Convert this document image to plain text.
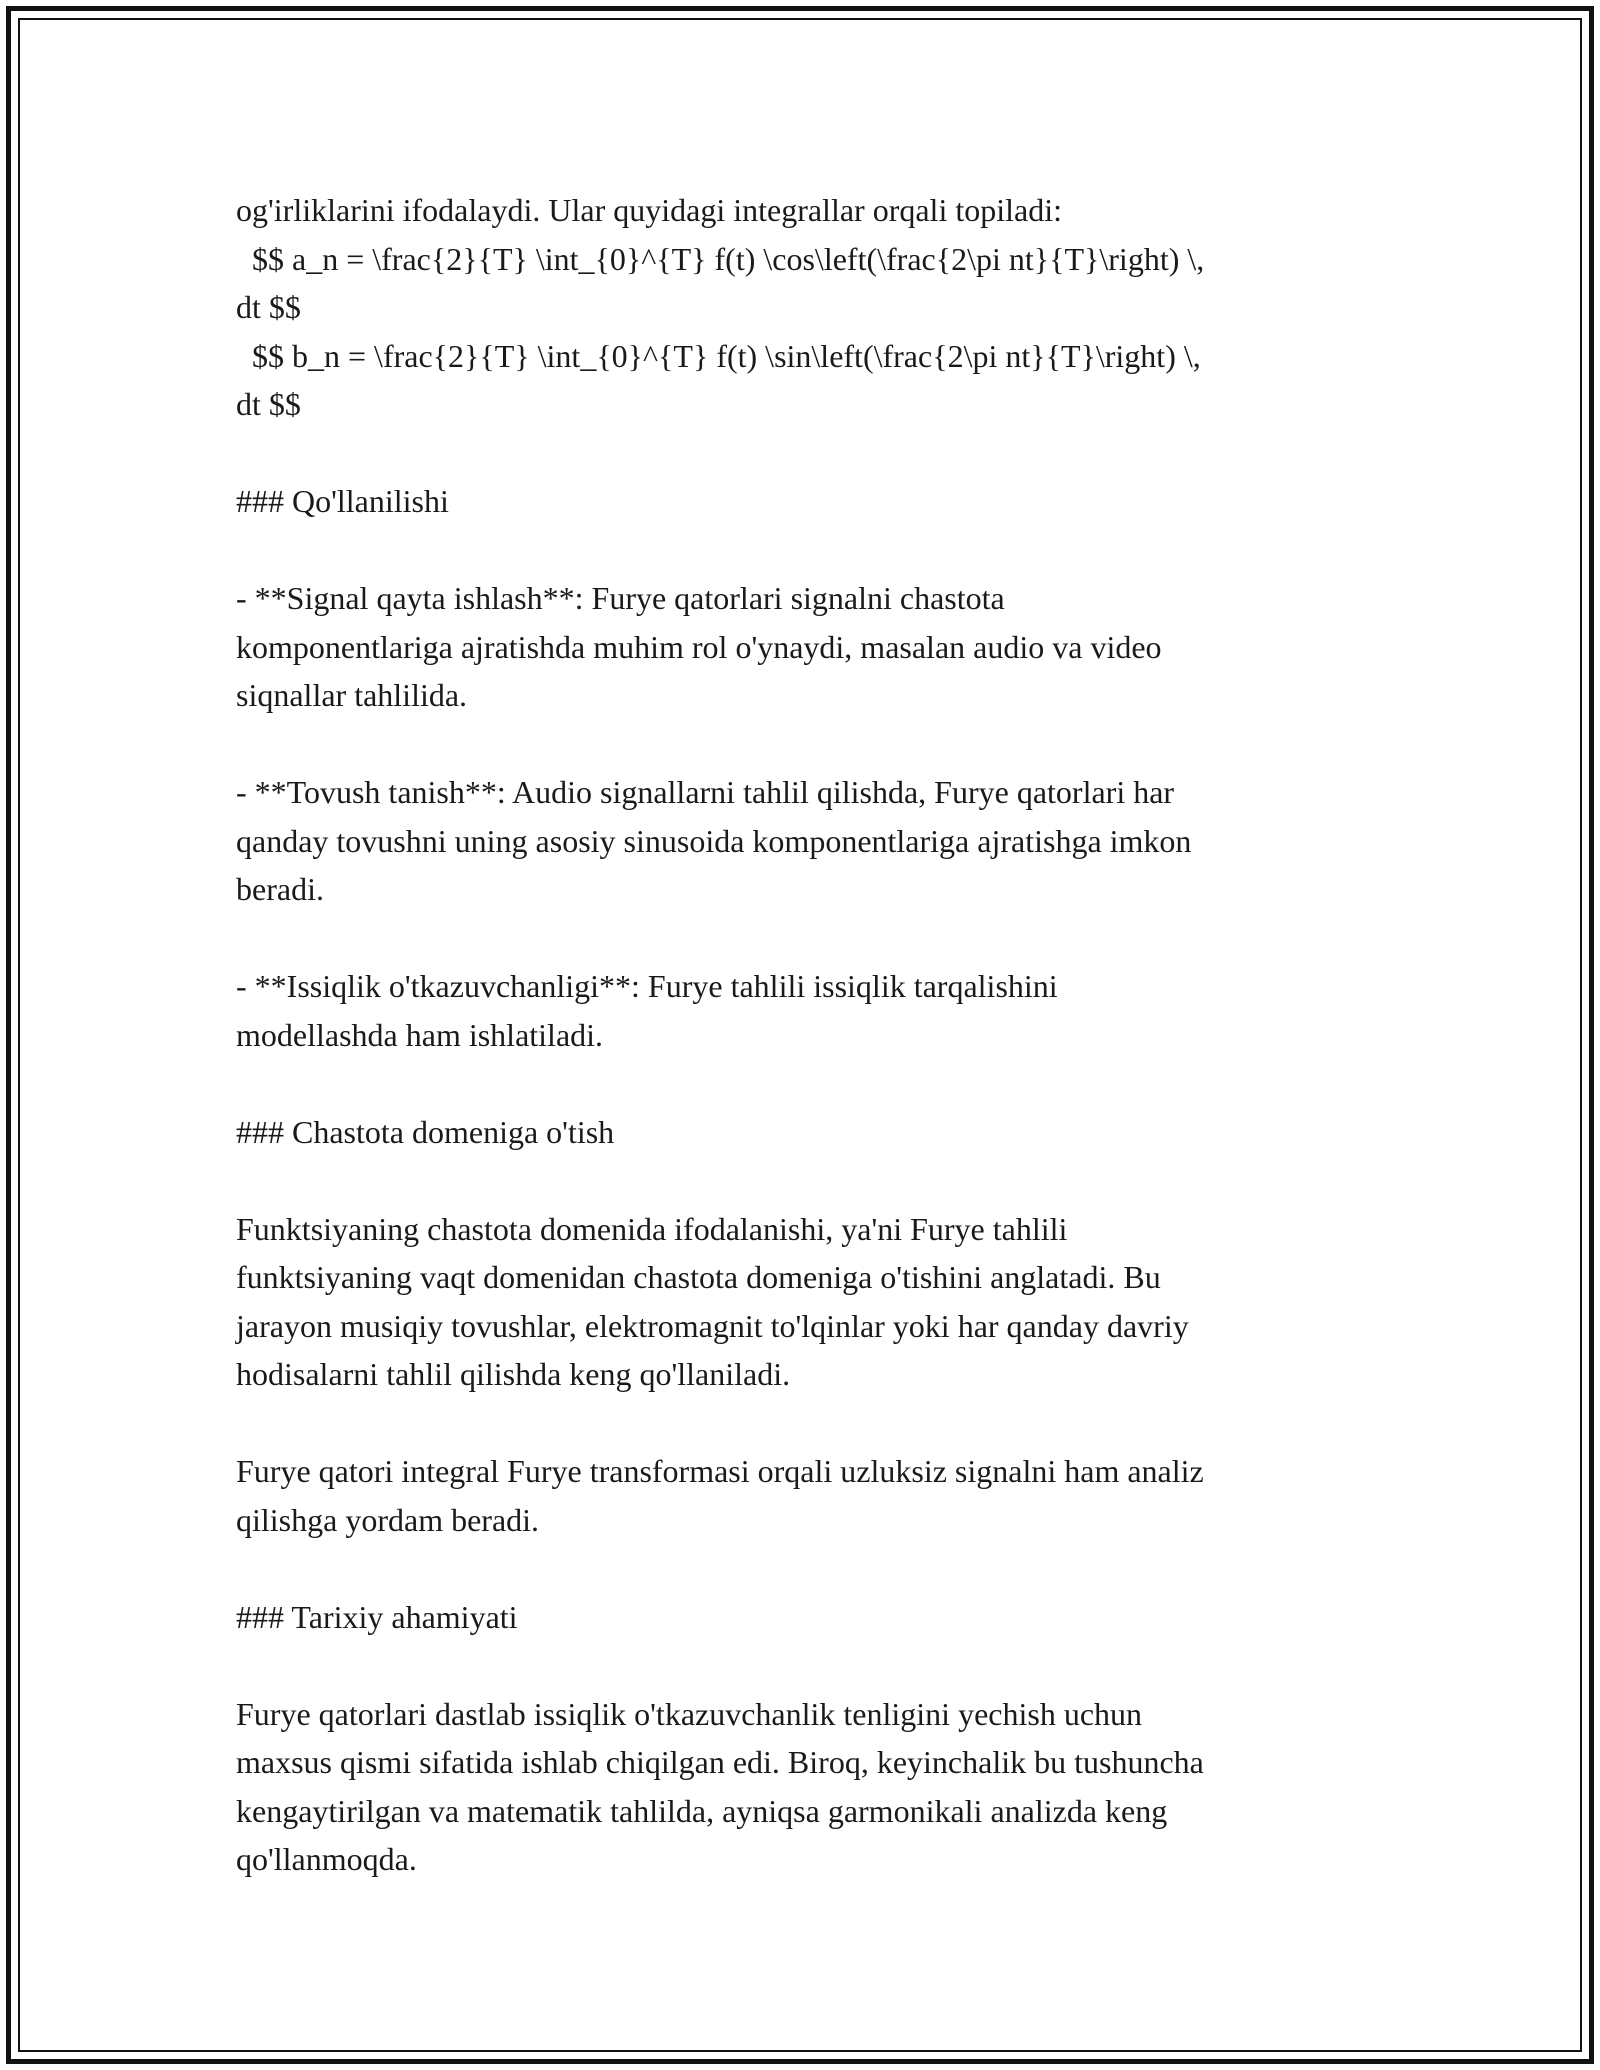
og'irliklarini ifodalaydi. Ular quyidagi integrallar orqali topiladi:
$$ a_n = \frac{2}{T} \int_{0}^{T} f(t) \cos\left(\frac{2\pi nt}{T}\right) \,
dt $$
$$ b_n = \frac{2}{T} \int_{0}^{T} f(t) \sin\left(\frac{2\pi nt}{T}\right) \,
dt $$
### Qo'llanilishi
- **Signal qayta ishlash**: Furye qatorlari signalni chastota
komponentlariga ajratishda muhim rol o'ynaydi, masalan audio va video
siqnallar tahlilida.
- **Tovush tanish**: Audio signallarni tahlil qilishda, Furye qatorlari har
qanday tovushni uning asosiy sinusoida komponentlariga ajratishga imkon
beradi.
- **Issiqlik o'tkazuvchanligi**: Furye tahlili issiqlik tarqalishini
modellashda ham ishlatiladi.
### Chastota domeniga o'tish
Funktsiyaning chastota domenida ifodalanishi, ya'ni Furye tahlili
funktsiyaning vaqt domenidan chastota domeniga o'tishini anglatadi. Bu
jarayon musiqiy tovushlar, elektromagnit to'lqinlar yoki har qanday davriy
hodisalarni tahlil qilishda keng qo'llaniladi.
Furye qatori integral Furye transformasi orqali uzluksiz signalni ham analiz
qilishga yordam beradi.
### Tarixiy ahamiyati
Furye qatorlari dastlab issiqlik o'tkazuvchanlik tenligini yechish uchun
maxsus qismi sifatida ishlab chiqilgan edi. Biroq, keyinchalik bu tushuncha
kengaytirilgan va matematik tahlilda, ayniqsa garmonikali analizda keng
qo'llanmoqda.
